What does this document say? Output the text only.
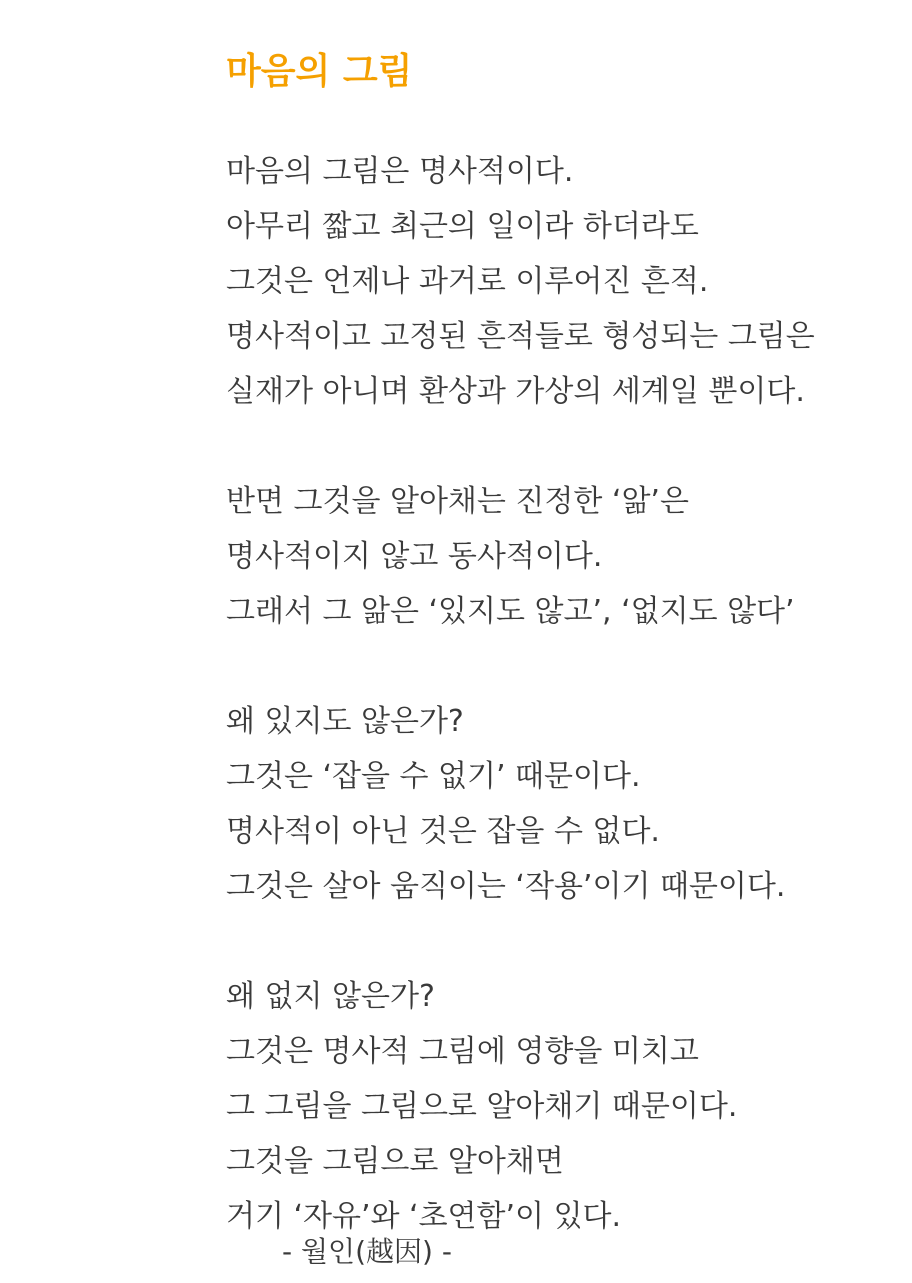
마음의 그림

마음의 그림은 명사적이다.
아무리 짧고 최근의 일이라 하더라도
그것은 언제나 과거로 이루어진 흔적.
명사적이고 고정된 흔적들로 형성되는 그림은
실재가 아니며 환상과 가상의 세계일 뿐이다.

반면 그것을 알아채는 진정한 ‘앎’은
명사적이지 않고 동사적이다.
그래서 그 앎은 ‘있지도 않고’, ‘없지도 않다’

왜 있지도 않은가?
그것은 ‘잡을 수 없기’ 때문이다.
명사적이 아닌 것은 잡을 수 없다.
그것은 살아 움직이는 ‘작용’이기 때문이다.

왜 없지 않은가?
그것은 명사적 그림에 영향을 미치고
그 그림을 그림으로 알아채기 때문이다.
그것을 그림으로 알아채면
거기 ‘자유’와 ‘초연함’이 있다.

- 월인(越因) -
